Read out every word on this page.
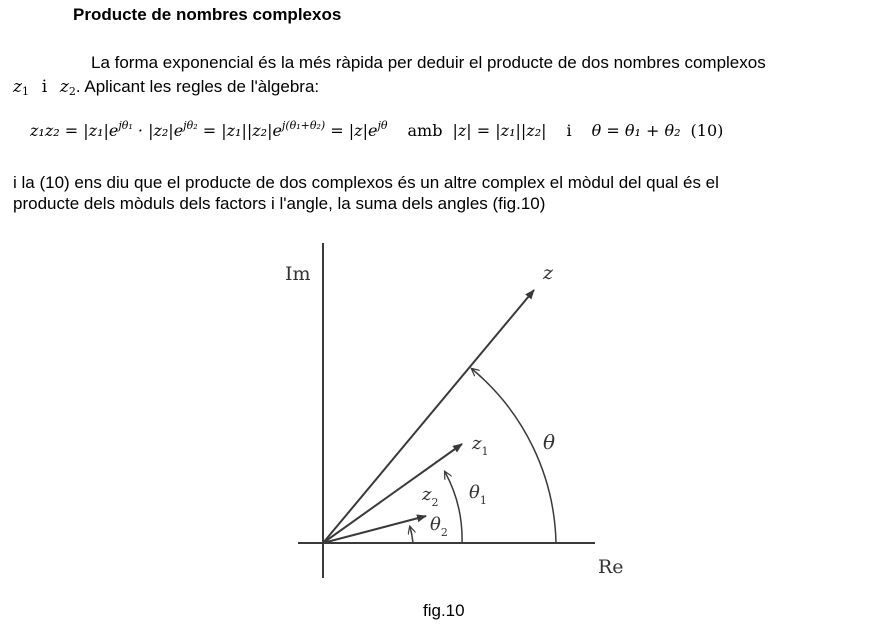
Producte de nombres complexos
La forma exponencial és la més ràpida per deduir el producte de dos nombres complexos
z1 i z2. Aplicant les regles de l'àlgebra:
$z_1z_2 = |z_1|e^{j\theta_1} \cdot |z_2|e^{j\theta_2} = |z_1||z_2|e^{j(\theta_1+\theta_2)} = |z|e^{j\theta}$ amb |z| = |z₁||z₂| i θ = θ₁ + θ₂ (10)
i la (10) ens diu que el producte de dos complexos és un altre complex el mòdul del qual és el
producte dels mòduls dels factors i l'angle, la suma dels angles (fig.10)
Im
Re
z
$z_1$
$z_2$
θ
$\theta_1$
$\theta_2$
fig.10
